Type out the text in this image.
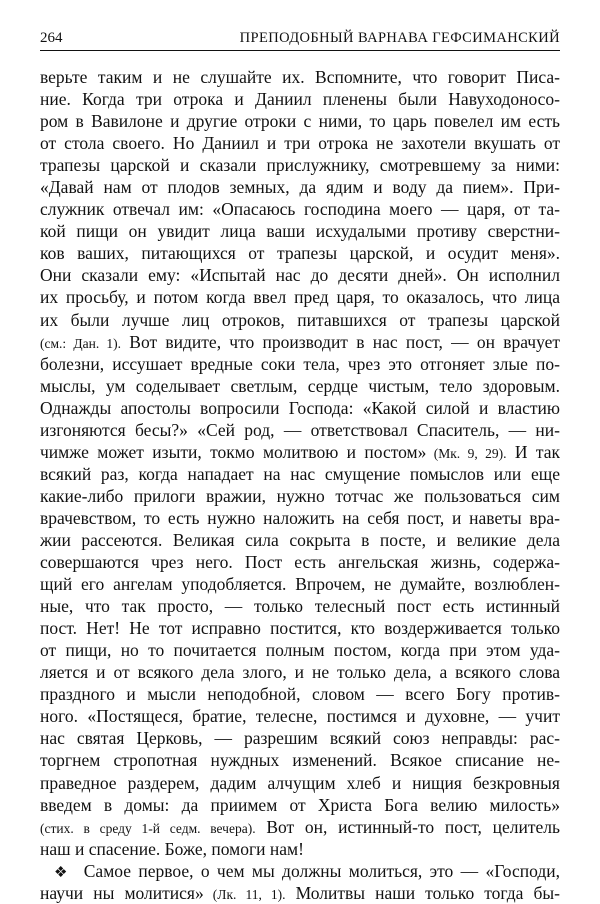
264	ПРЕПОДОБНЫЙ ВАРНАВА ГЕФСИМАНСКИЙ
верьте таким и не слушайте их. Вспомните, что говорит Писа-
ние. Когда три отрока и Даниил пленены были Навуходоносо-
ром в Вавилоне и другие отроки с ними, то царь повелел им есть
от стола своего. Но Даниил и три отрока не захотели вкушать от
трапезы царской и сказали прислужнику, смотревшему за ними:
«Давай нам от плодов земных, да ядим и воду да пием». При-
служник отвечал им: «Опасаюсь господина моего — царя, от та-
кой пищи он увидит лица ваши исхудалыми противу сверстни-
ков ваших, питающихся от трапезы царской, и осудит меня».
Они сказали ему: «Испытай нас до десяти дней». Он исполнил
их просьбу, и потом когда ввел пред царя, то оказалось, что лица
их были лучше лиц отроков, питавшихся от трапезы царской
(см.: Дан. 1). Вот видите, что производит в нас пост, — он врачует
болезни, иссушает вредные соки тела, чрез это отгоняет злые по-
мыслы, ум соделывает светлым, сердце чистым, тело здоровым.
Однажды апостолы вопросили Господа: «Какой силой и властию
изгоняются бесы?» «Сей род, — ответствовал Спаситель, — ни-
чимже может изыти, токмо молитвою и постом» (Мк. 9, 29). И так
всякий раз, когда нападает на нас смущение помыслов или еще
какие-либо прилоги вражии, нужно тотчас же пользоваться сим
врачевством, то есть нужно наложить на себя пост, и наветы вра-
жии рассеются. Великая сила сокрыта в посте, и великие дела
совершаются чрез него. Пост есть ангельская жизнь, содержа-
щий его ангелам уподобляется. Впрочем, не думайте, возлюблен-
ные, что так просто, — только телесный пост есть истинный
пост. Нет! Не тот исправно постится, кто воздерживается только
от пищи, но то почитается полным постом, когда при этом уда-
ляется и от всякого дела злого, и не только дела, а всякого слова
праздного и мысли неподобной, словом — всего Богу против-
ного. «Постящеся, братие, телесне, постимся и духовне, — учит
нас святая Церковь, — разрешим всякий союз неправды: рас-
торгнем стропотная нуждных изменений. Всякое списание не-
праведное раздерем, дадим алчущим хлеб и нищия безкровныя
введем в домы: да приимем от Христа Бога велию милость»
(стих. в среду 1-й седм. вечера). Вот он, истинный-то пост, целитель
наш и спасение. Боже, помоги нам!
❖ Самое первое, о чем мы должны молиться, это — «Господи,
научи ны молитися» (Лк. 11, 1). Молитвы наши только тогда бы-
